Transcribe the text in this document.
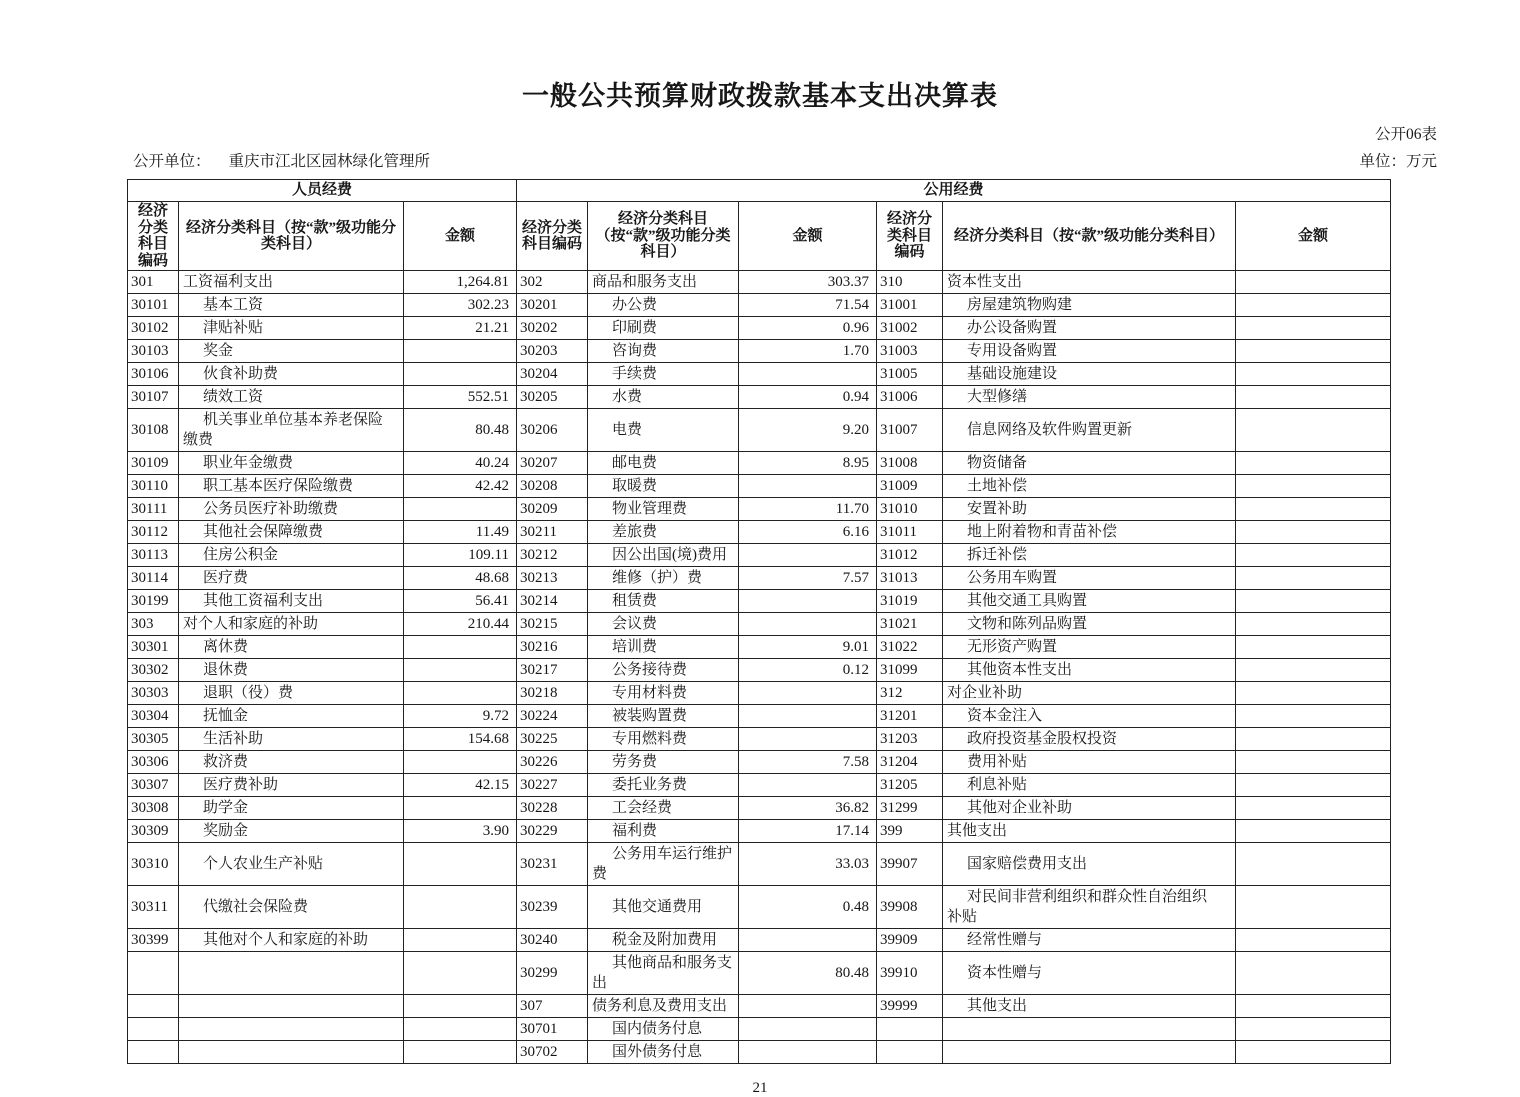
一般公共预算财政拨款基本支出决算表
公开06表
公开单位： 重庆市江北区园林绿化管理所	单位：万元
人员经费			公用经费					
经济分类科目编码	经济分类科目（按“款”级功能分类科目）	金额	经济分类科目编码	经济分类科目（按“款”级功能分类科目）	金额	经济分类科目编码	经济分类科目（按“款”级功能分类科目）	金额
301	工资福利支出	1,264.81	302	商品和服务支出	303.37	310	资本性支出	
30101	基本工资	302.23	30201	办公费	71.54	31001	房屋建筑物购建	
30102	津贴补贴	21.21	30202	印刷费	0.96	31002	办公设备购置	
30103	奖金		30203	咨询费	1.70	31003	专用设备购置	
30106	伙食补助费		30204	手续费		31005	基础设施建设	
30107	绩效工资	552.51	30205	水费	0.94	31006	大型修缮	
30108	机关事业单位基本养老保险缴费	80.48	30206	电费	9.20	31007	信息网络及软件购置更新	
30109	职业年金缴费	40.24	30207	邮电费	8.95	31008	物资储备	
30110	职工基本医疗保险缴费	42.42	30208	取暖费		31009	土地补偿	
30111	公务员医疗补助缴费		30209	物业管理费	11.70	31010	安置补助	
30112	其他社会保障缴费	11.49	30211	差旅费	6.16	31011	地上附着物和青苗补偿	
30113	住房公积金	109.11	30212	因公出国(境)费用		31012	拆迁补偿	
30114	医疗费	48.68	30213	维修（护）费	7.57	31013	公务用车购置	
30199	其他工资福利支出	56.41	30214	租赁费		31019	其他交通工具购置	
303	对个人和家庭的补助	210.44	30215	会议费		31021	文物和陈列品购置	
30301	离休费		30216	培训费	9.01	31022	无形资产购置	
30302	退休费		30217	公务接待费	0.12	31099	其他资本性支出	
30303	退职（役）费		30218	专用材料费		312	对企业补助	
30304	抚恤金	9.72	30224	被装购置费		31201	资本金注入	
30305	生活补助	154.68	30225	专用燃料费		31203	政府投资基金股权投资	
30306	救济费		30226	劳务费	7.58	31204	费用补贴	
30307	医疗费补助	42.15	30227	委托业务费		31205	利息补贴	
30308	助学金		30228	工会经费	36.82	31299	其他对企业补助	
30309	奖励金	3.90	30229	福利费	17.14	399	其他支出	
30310	个人农业生产补贴		30231	公务用车运行维护费	33.03	39907	国家赔偿费用支出	
30311	代缴社会保险费		30239	其他交通费用	0.48	39908	对民间非营利组织和群众性自治组织补贴	
30399	其他对个人和家庭的补助		30240	税金及附加费用		39909	经常性赠与	
			30299	其他商品和服务支出	80.48	39910	资本性赠与	
			307	债务利息及费用支出		39999	其他支出	
			30701	国内债务付息				
			30702	国外债务付息				
21
